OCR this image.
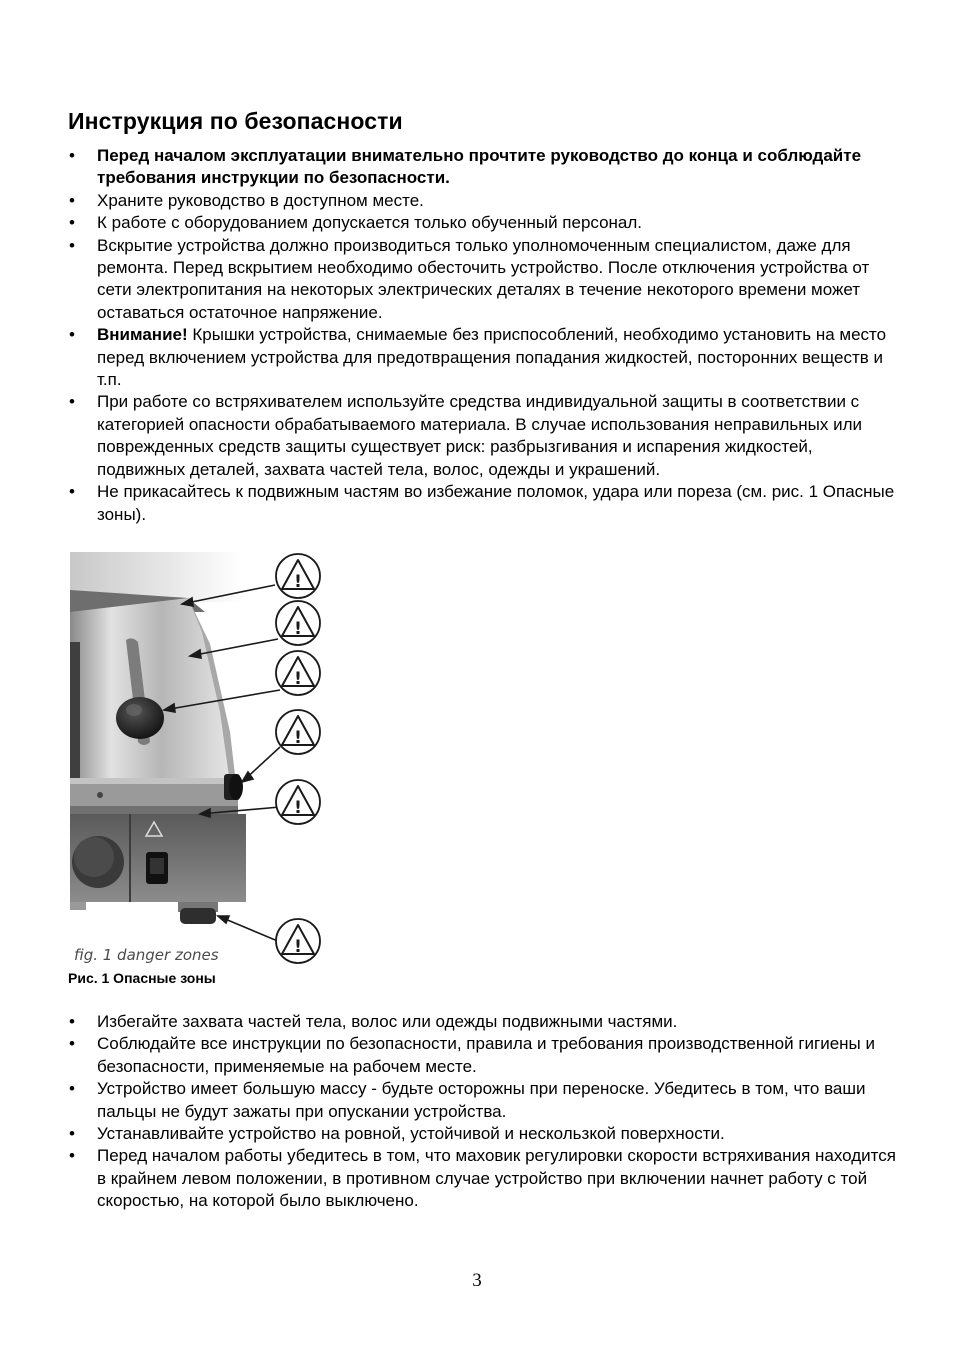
Инструкция по безопасности
• Перед началом эксплуатации внимательно прочтите руководство до конца и соблюдайте требования инструкции по безопасности.
• Храните руководство в доступном месте.
• К работе с оборудованием допускается только обученный персонал.
• Вскрытие устройства должно производиться только уполномоченным специалистом, даже для ремонта. Перед вскрытием необходимо обесточить устройство. После отключения устройства от сети электропитания на некоторых электрических деталях в течение некоторого времени может оставаться остаточное напряжение.
• Внимание! Крышки устройства, снимаемые без приспособлений, необходимо установить на место перед включением устройства для предотвращения попадания жидкостей, посторонних веществ и т.п.
• При работе со встряхивателем используйте средства индивидуальной защиты в соответствии с категорией опасности обрабатываемого материала. В случае использования неправильных или поврежденных средств защиты существует риск: разбрызгивания и испарения жидкостей, подвижных деталей, захвата частей тела, волос, одежды и украшений.
• Не прикасайтесь к подвижным частям во избежание поломок, удара или пореза (см. рис. 1 Опасные зоны).
fig. 1 danger zones
!
!
!
!
!
!

Рис. 1 Опасные зоны

• Избегайте захвата частей тела, волос или одежды подвижными частями.
• Соблюдайте все инструкции по безопасности, правила и требования производственной гигиены и безопасности, применяемые на рабочем месте.
• Устройство имеет большую массу - будьте осторожны при переноске. Убедитесь в том, что ваши пальцы не будут зажаты при опускании устройства.
• Устанавливайте устройство на ровной, устойчивой и нескользкой поверхности.
• Перед началом работы убедитесь в том, что маховик регулировки скорости встряхивания находится в крайнем левом положении, в противном случае устройство при включении начнет работу с той скоростью, на которой было выключено.
3
